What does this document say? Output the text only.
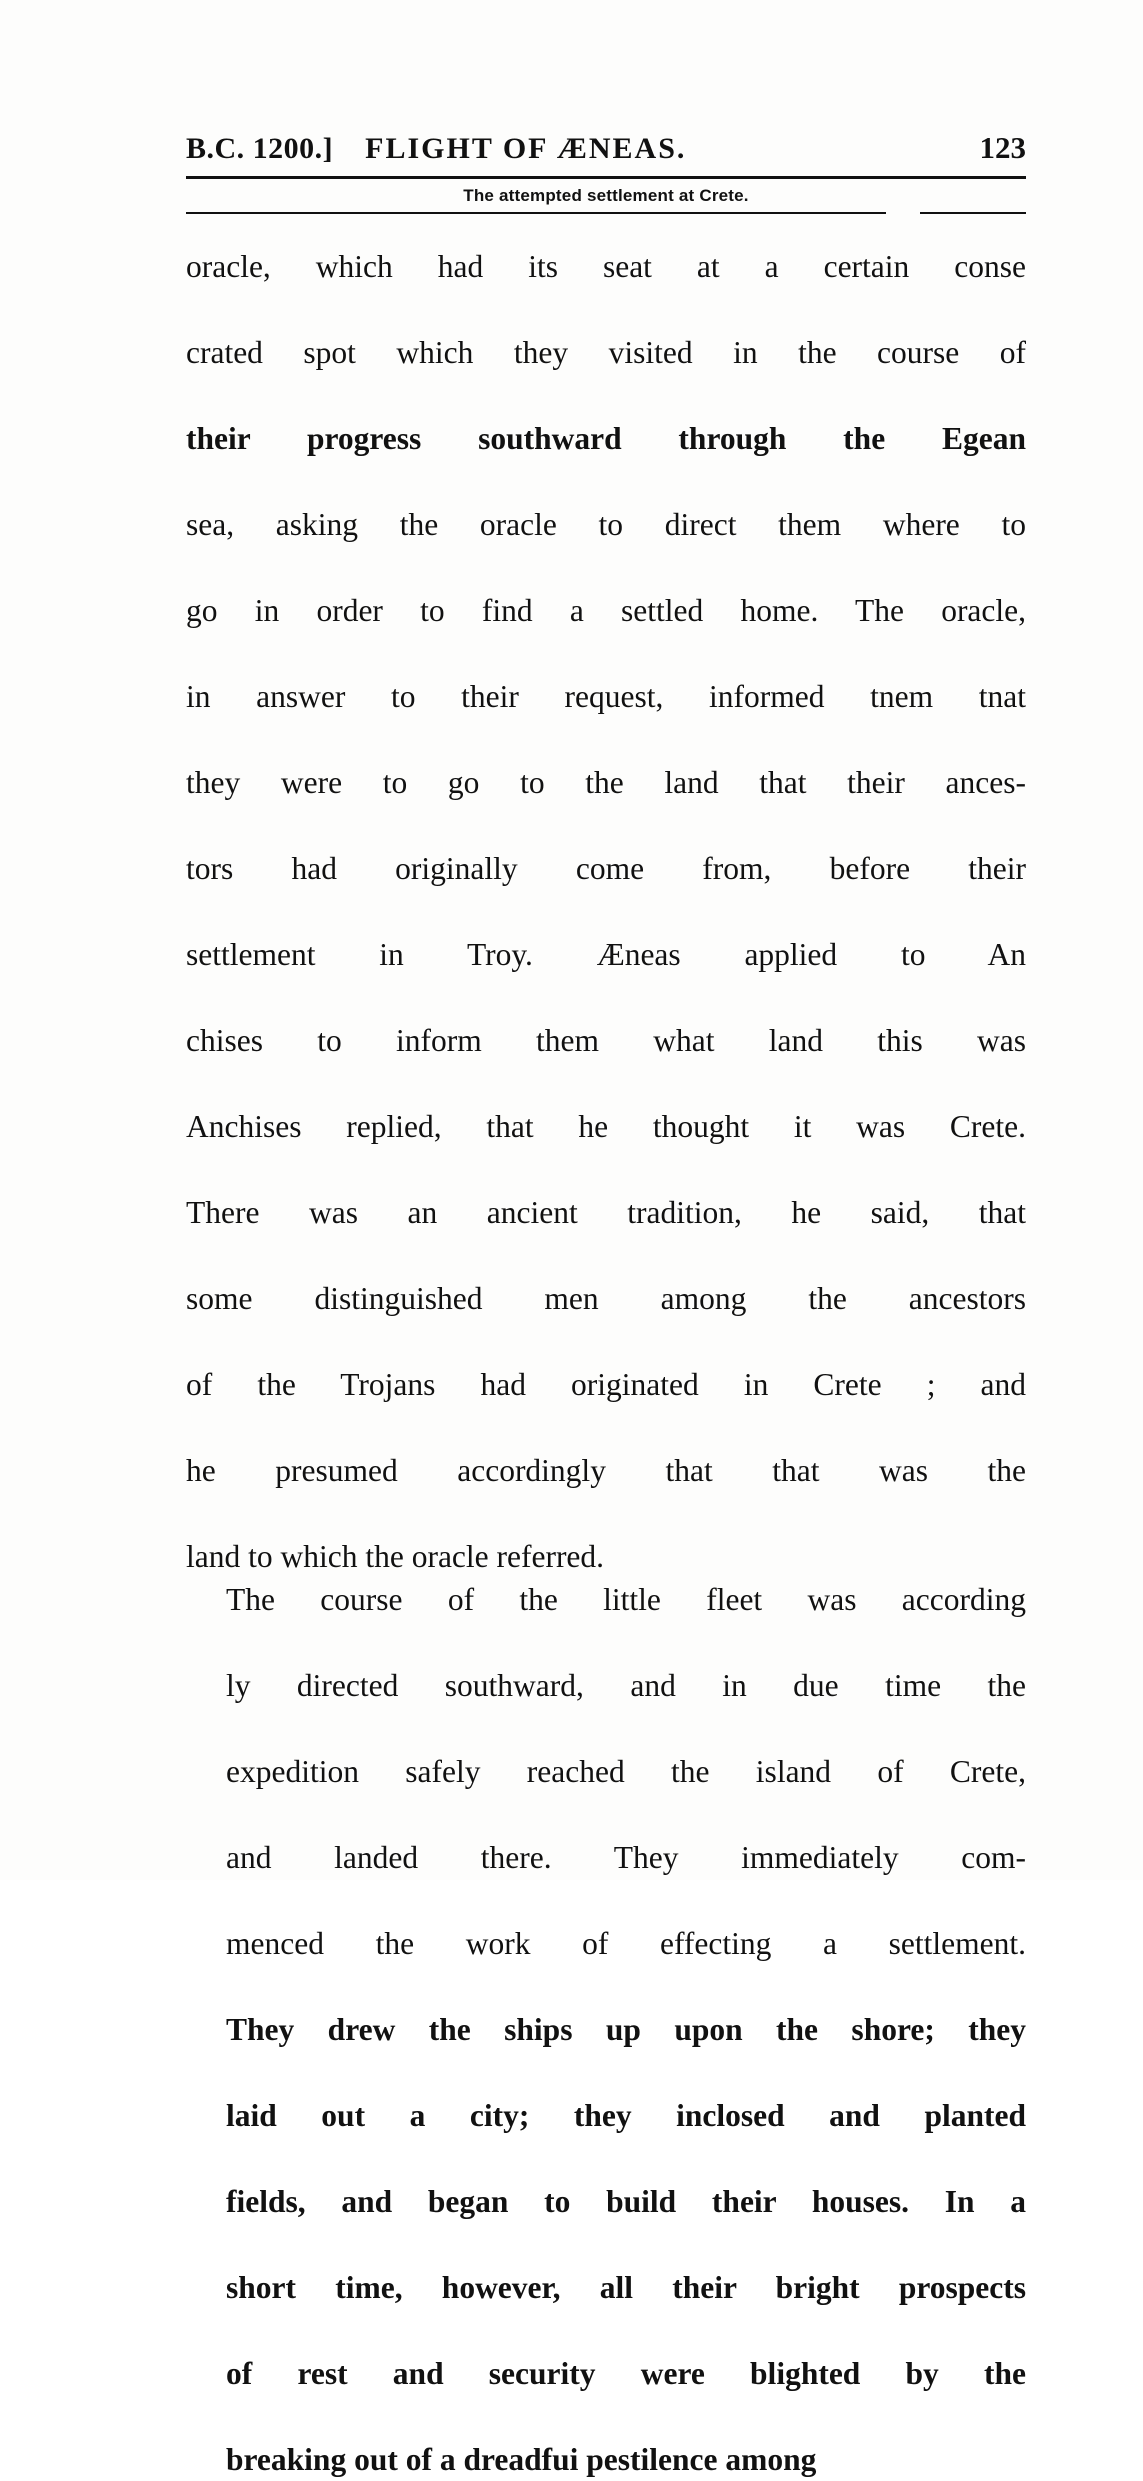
B.C. 1200.]	FLIGHT OF ÆNEAS.	123
The attempted settlement at Crete.

oracle, which had its seat at a certain conse
crated spot which they visited in the course of
their progress southward through the Egean
sea, asking the oracle to direct them where to
go in order to find a settled home. The oracle,
in answer to their request, informed tnem tnat
they were to go to the land that their ances-
tors had originally come from, before their
settlement in Troy. Æneas applied to An
chises to inform them what land this was
Anchises replied, that he thought it was Crete.
There was an ancient tradition, he said, that
some distinguished men among the ancestors
of the Trojans had originated in Crete ; and
he presumed accordingly that that was the
land to which the oracle referred.

The course of the little fleet was according
ly directed southward, and in due time the
expedition safely reached the island of Crete,
and landed there. They immediately com-
menced the work of effecting a settlement.
They drew the ships up upon the shore; they
laid out a city; they inclosed and planted
fields, and began to build their houses. In a
short time, however, all their bright prospects
of rest and security were blighted by the
breaking out of a dreadfui pestilence among
